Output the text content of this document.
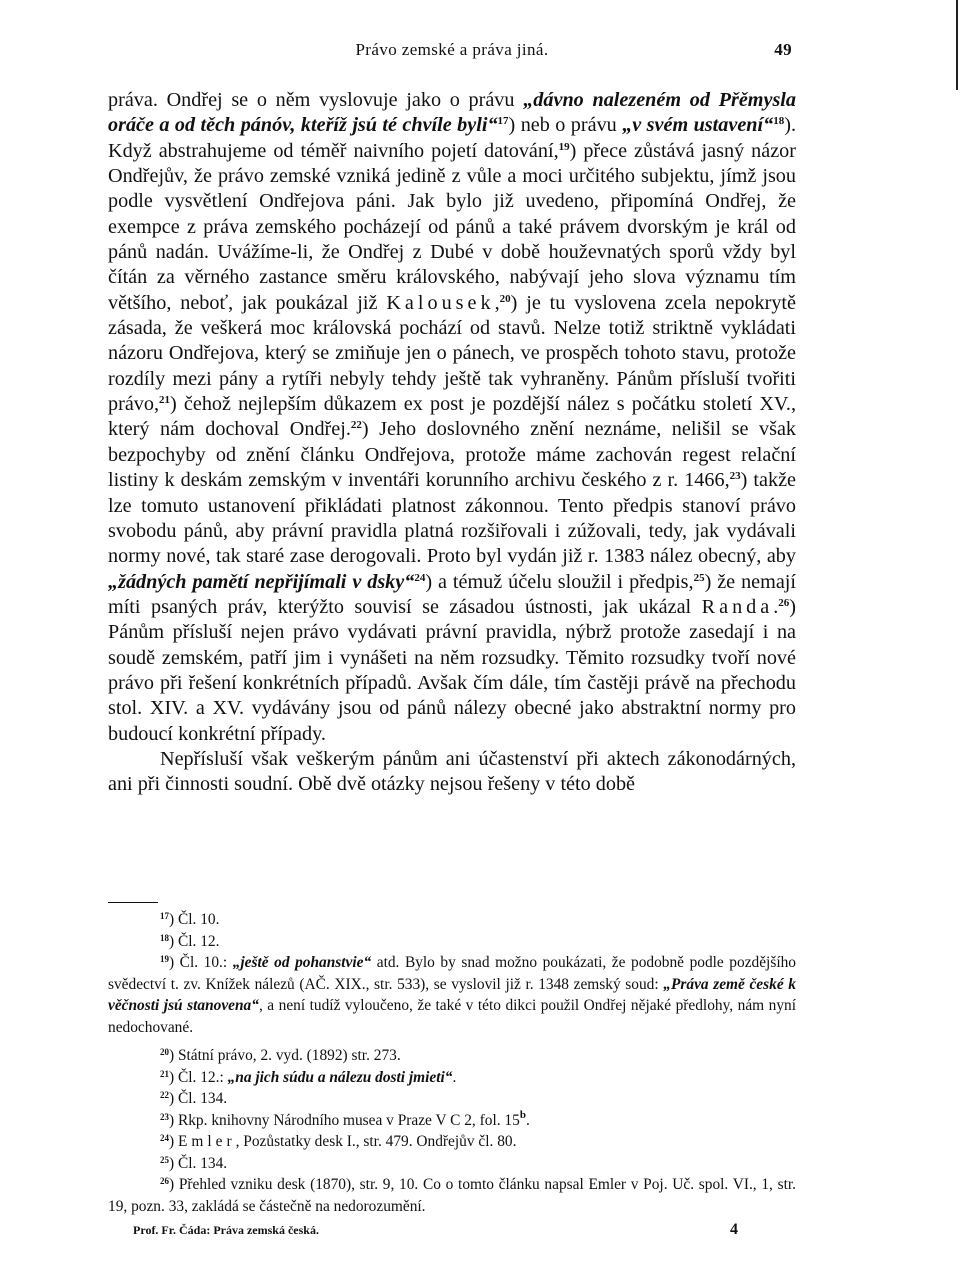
Právo zemské a práva jiná.	49

práva. Ondřej se o něm vyslovuje jako o právu „dávno nalezeném od Přěmysla oráče a od těch pánóv, kteříž jsú té chvíle byli“$^{17}$) neb o právu „v svém ustavení“$^{18}$). Když abstrahujeme od téměř naivního pojetí datování,$^{19}$) přece zůstává jasný názor Ondřejův, že právo zemské vzniká jedině z vůle a moci určitého subjektu, jímž jsou podle vysvětlení Ondřejova páni. Jak bylo již uvedeno, připomíná Ondřej, že exempce z práva zemského pocházejí od pánů a také právem dvorským je král od pánů nadán. Uvážíme-li, že Ondřej z Dubé v době houževnatých sporů vždy byl čítán za věrného zastance směru královského, nabývají jeho slova významu tím většího, neboť, jak poukázal již Kalousek,$^{20}$) je tu vyslovena zcela nepokrytě zásada, že veškerá moc královská pochází od stavů. Nelze totiž striktně vykládati názoru Ondřejova, který se zmiňuje jen o pánech, ve prospěch tohoto stavu, protože rozdíly mezi pány a rytíři nebyly tehdy ještě tak vyhraněny. Pánům přísluší tvořiti právo,$^{21}$) čehož nejlepším důkazem ex post je pozdější nález s počátku století XV., který nám dochoval Ondřej.$^{22}$) Jeho doslovného znění neznáme, nelišil se však bezpochyby od znění článku Ondřejova, protože máme zachován regest relační listiny k deskám zemským v inventáři korunního archivu českého z r. 1466,23) takže lze tomuto ustanovení přikládati platnost zákonnou. Tento předpis stanoví právo svobodu pánů, aby právní pravidla platná rozšiřovali i zúžovali, tedy, jak vydávali normy nové, tak staré zase derogovali. Proto byl vydán již r. 1383 nález obecný, aby „žádných pamětí nepřijímali v dsky“$^{24}$) a témuž účelu sloužil i předpis,$^{25}$) že nemají míti psaných práv, kterýžto souvisí se zásadou ústnosti, jak ukázal Randa.$^{26}$) Pánům přísluší nejen právo vydávati právní pravidla, nýbrž protože zasedají i na soudě zemském, patří jim i vynášeti na něm rozsudky. Těmito rozsudky tvoří nové právo při řešení konkrétních případů. Avšak čím dále, tím častěji právě na přechodu stol. XIV. a XV. vydávány jsou od pánů nálezy obecné jako abstraktní normy pro budoucí konkrétní případy.

Nepřísluší však veškerým pánům ani účastenství při aktech zákonodárných, ani při činnosti soudní. Obě dvě otázky nejsou řešeny v této době

$^{17}$) Čl. 10.

$^{18}$) Čl. 12.

$^{19}$) Čl. 10.: „ještě od pohanstvie“ atd. Bylo by snad možno poukázati, že podobně podle pozdějšího svědectví t. zv. Knížek nálezů (AČ. XIX., str. 533), se vyslovil již r. 1348 zemský soud: „Práva země české k věčnosti jsú stanovena“, a není tudíž vyloučeno, že také v této dikci použil Ondřej nějaké předlohy, nám nyní nedochované.

$^{20}$) Státní právo, 2. vyd. (1892) str. 273.

$^{21}$) Čl. 12.: „na jich súdu a nálezu dosti jmieti“.

$^{22}$) Čl. 134.

$^{23}$) Rkp. knihovny Národního musea v Praze V C 2, fol. 15$^b$.

$^{24}$) Emler, Pozůstatky desk I., str. 479. Ondřejův čl. 80.

$^{25}$) Čl. 134.

$^{26}$) Přehled vzniku desk (1870), str. 9, 10. Co o tomto článku napsal Emler v Poj. Uč. spol. VI., 1, str. 19, pozn. 33, zakládá se částečně na nedorozumění.

Prof. Fr. Čáda: Práva zemská česká.	4
